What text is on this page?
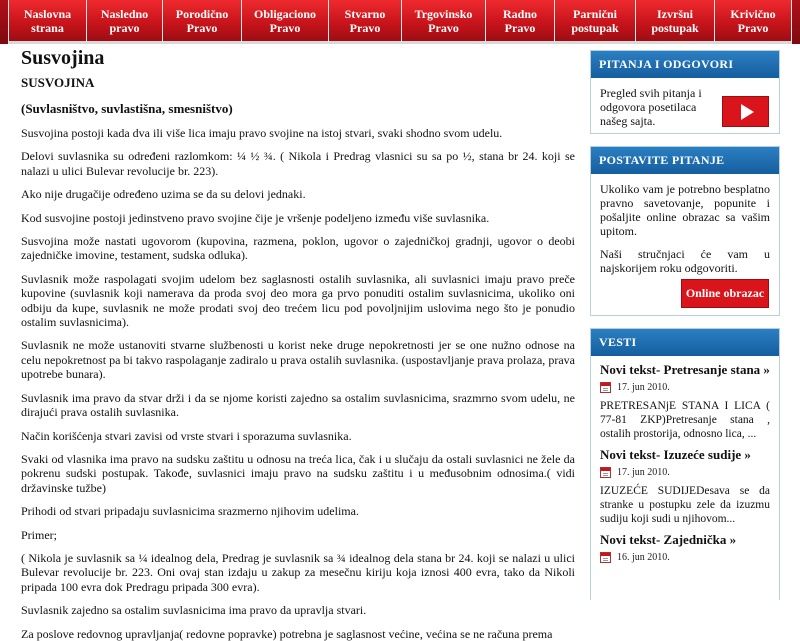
Naslovna
strana
Nasledno
pravo
Porodično
Pravo
Obligaciono
Pravo
Stvarno
Pravo
Trgovinsko
Pravo
Radno
Pravo
Parnični
postupak
Izvršni
postupak
Krivično
Pravo
Susvojina
SUSVOJINA
(Suvlasništvo, suvlastišna, smesništvo)

Susvojina postoji kada dva ili više lica imaju pravo svojine na istoj stvari, svaki shodno svom udelu.

Delovi suvlasnika su određeni razlomkom: ¼ ½ ¾. ( Nikola i Predrag vlasnici su sa po ½, stana br 24. koji se nalazi u ulici Bulevar revolucije br. 223).

Ako nije drugačije određeno uzima se da su delovi jednaki.

Kod susvojine postoji jedinstveno pravo svojine čije je vršenje podeljeno između više suvlasnika.

Susvojina može nastati ugovorom (kupovina, razmena, poklon, ugovor o zajedničkoj gradnji, ugovor o deobi zajedničke imovine, testament, sudska odluka).

Suvlasnik može raspolagati svojim udelom bez saglasnosti ostalih suvlasnika, ali suvlasnici imaju pravo preče kupovine (suvlasnik koji namerava da proda svoj deo mora ga prvo ponuditi ostalim suvlasnicima, ukoliko oni odbiju da kupe, suvlasnik ne može prodati svoj deo trećem licu pod povoljnijim uslovima nego što je ponudio ostalim suvlasnicima).

Suvlasnik ne može ustanoviti stvarne službenosti u korist neke druge nepokretnosti jer se one nužno odnose na celu nepokretnost pa bi takvo raspolaganje zadiralo u prava ostalih suvlasnika. (uspostavljanje prava prolaza, prava upotrebe bunara).

Suvlasnik ima pravo da stvar drži i da se njome koristi zajedno sa ostalim suvlasnicima, srazmrno svom udelu, ne dirajući prava ostalih suvlasnika.

Način korišćenja stvari zavisi od vrste stvari i sporazuma suvlasnika.

Svaki od vlasnika ima pravo na sudsku zaštitu u odnosu na treća lica, čak i u slučaju da ostali suvlasnici ne žele da pokrenu sudski postupak. Takođe, suvlasnici imaju pravo na sudsku zaštitu i u međusobnim odnosima.( vidi državinske tužbe)

Prihodi od stvari pripadaju suvlasnicima srazmerno njihovim udelima.

Primer;

( Nikola je suvlasnik sa ¼ idealnog dela, Predrag je suvlasnik sa ¾ idealnog dela stana br 24. koji se nalazi u ulici Bulevar revolucije br. 223. Oni ovaj stan izdaju u zakup za mesečnu kiriju koja iznosi 400 evra, tako da Nikoli pripada 100 evra dok Predragu pripada 300 evra).

Suvlasnik zajedno sa ostalim suvlasnicima ima pravo da upravlja stvari.

Za poslove redovnog upravljanja( redovne popravke) potrebna je saglasnost većine, većina se ne računa prema

PITANJA I ODGOVORI
Pregled svih pitanja i odgovora posetilaca našeg sajta.
POSTAVITE PITANJE

Ukoliko vam je potrebno besplatno pravno savetovanje, popunite i pošaljite online obrazac sa vašim upitom.

Naši stručnjaci će vam u najskorijem roku odgovoriti.

Online obrazac
VESTI
Novi tekst- Pretresanje stana »
17. jun 2010.
PRETRESANjE STANA I LICA ( 77-81 ZKP)Pretresanje stana , ostalih prostorija, odnosno lica, ...
Novi tekst- Izuzeće sudije »
17. jun 2010.
IZUZEĆE SUDIJEDesava se da stranke u postupku zele da izuzmu sudiju koji sudi u njihovom...
Novi tekst- Zajednička »
16. jun 2010.
